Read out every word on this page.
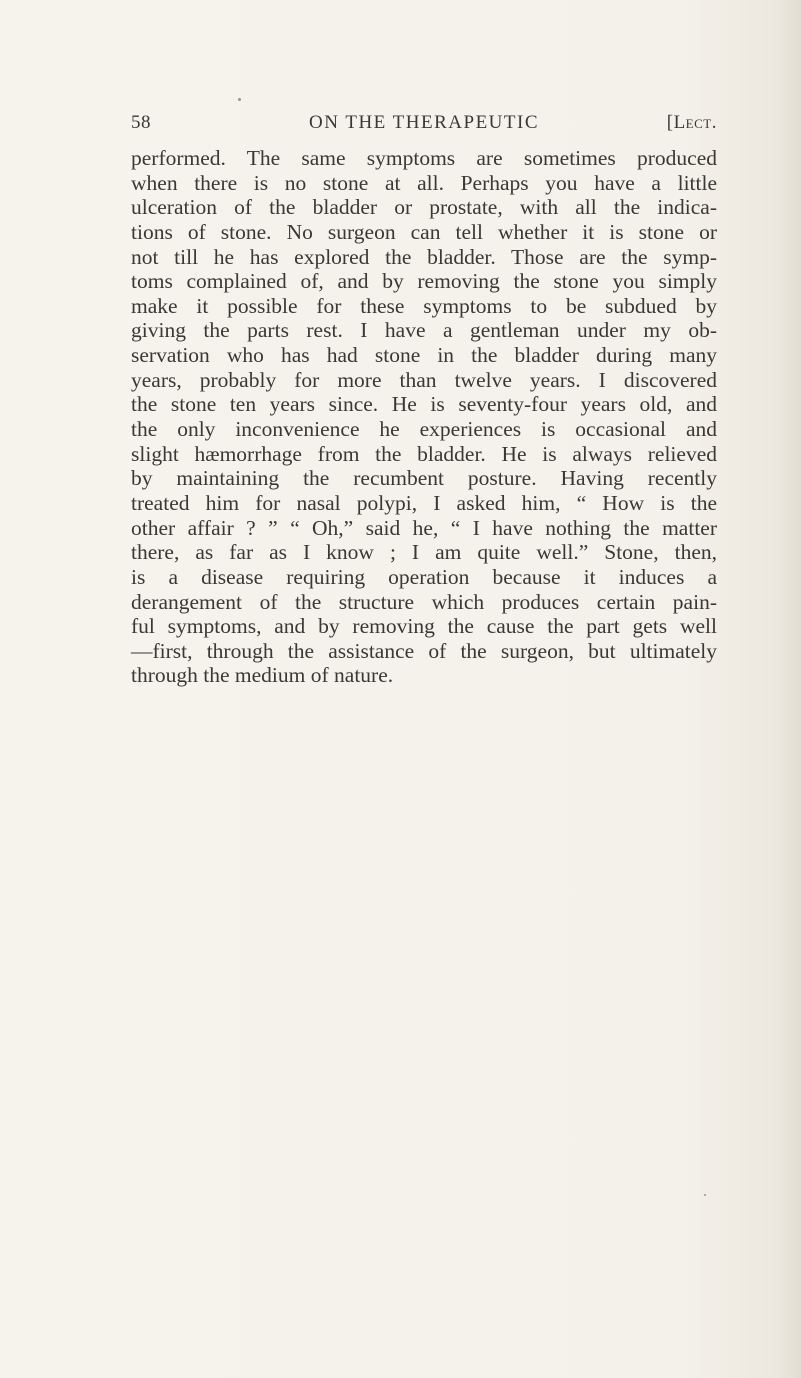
58	ON THE THERAPEUTIC	[Lect.
performed. The same symptoms are sometimes produced
when there is no stone at all. Perhaps you have a little
ulceration of the bladder or prostate, with all the indica-
tions of stone. No surgeon can tell whether it is stone or
not till he has explored the bladder. Those are the symp-
toms complained of, and by removing the stone you simply
make it possible for these symptoms to be subdued by
giving the parts rest. I have a gentleman under my ob-
servation who has had stone in the bladder during many
years, probably for more than twelve years. I discovered
the stone ten years since. He is seventy-four years old, and
the only inconvenience he experiences is occasional and
slight hæmorrhage from the bladder. He is always relieved
by maintaining the recumbent posture. Having recently
treated him for nasal polypi, I asked him, “ How is the
other affair ? ” “ Oh,” said he, “ I have nothing the matter
there, as far as I know ; I am quite well.” Stone, then,
is a disease requiring operation because it induces a
derangement of the structure which produces certain pain-
ful symptoms, and by removing the cause the part gets well
—first, through the assistance of the surgeon, but ultimately
through the medium of nature.
